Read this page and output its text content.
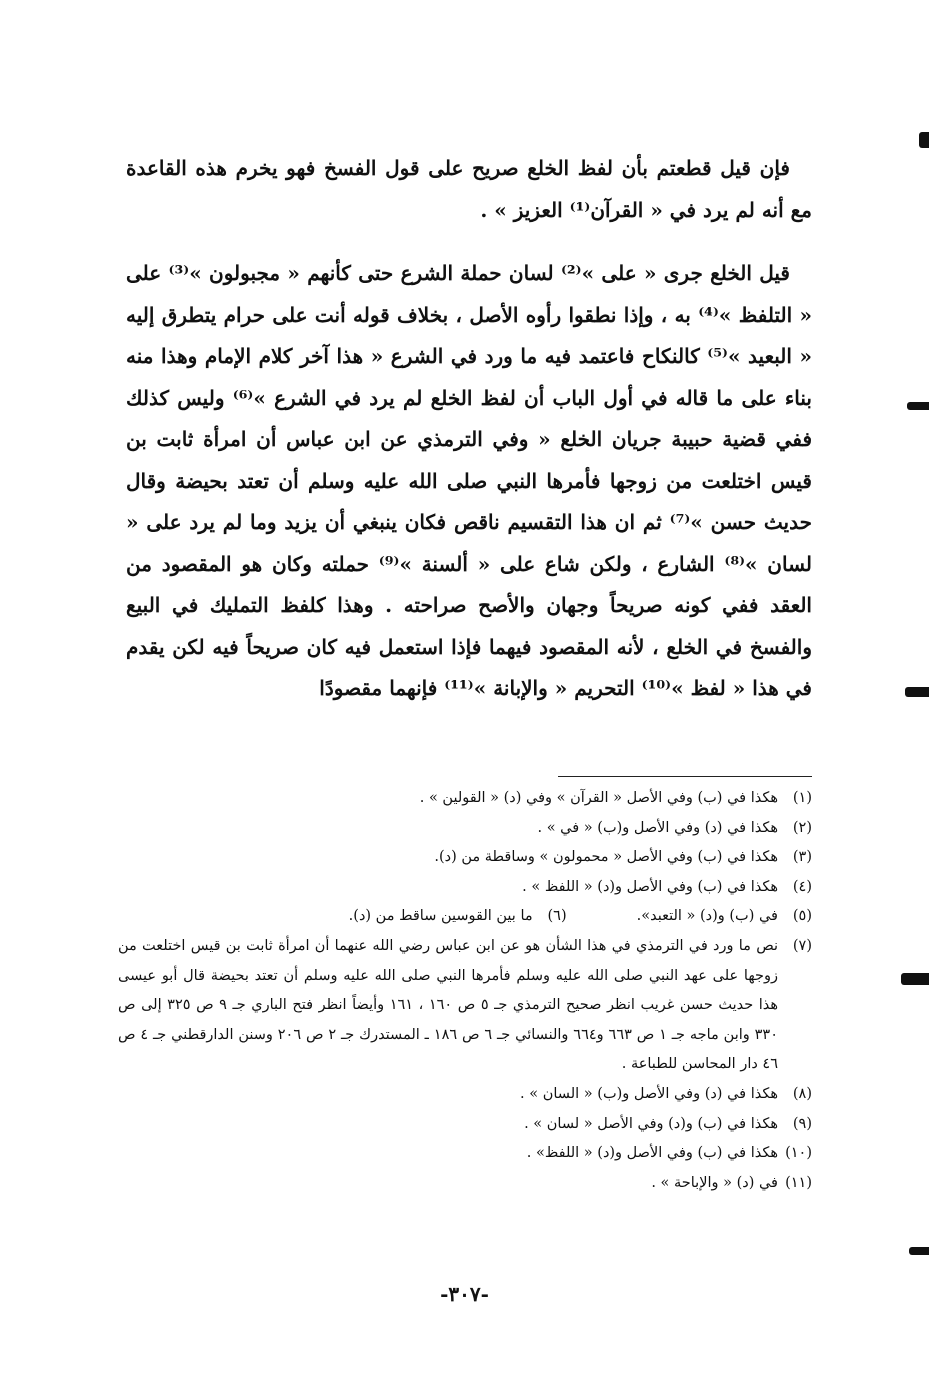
فإن قيل قطعتم بأن لفظ الخلع صريح على قول الفسخ فهو يخرم هذه القاعدة مع أنه لم يرد في « القرآن⁽¹⁾ العزيز » .

قيل الخلع جرى « على »⁽²⁾ لسان حملة الشرع حتى كأنهم « مجبولون »⁽³⁾ على « التلفظ »⁽⁴⁾ به ، وإذا نطقوا رأوه الأصل ، بخلاف قوله أنت على حرام يتطرق إليه « البعيد »⁽⁵⁾ كالنكاح فاعتمد فيه ما ورد في الشرع « هذا آخر كلام الإمام وهذا منه بناء على ما قاله في أول الباب أن لفظ الخلع لم يرد في الشرع »⁽⁶⁾ وليس كذلك ففي قضية حبيبة جريان الخلع « وفي الترمذي عن ابن عباس أن امرأة ثابت بن قيس اختلعت من زوجها فأمرها النبي صلى الله عليه وسلم أن تعتد بحيضة وقال حديث حسن »⁽⁷⁾ ثم ان هذا التقسيم ناقص فكان ينبغي أن يزيد وما لم يرد على « لسان »⁽⁸⁾ الشارع ، ولكن شاع على « ألسنة »⁽⁹⁾ حملته وكان هو المقصود من العقد ففي كونه صريحاً وجهان والأصح صراحته . وهذا كلفظ التمليك في البيع والفسخ في الخلع ، لأنه المقصود فيهما فإذا استعمل فيه كان صريحاً فيه لكن يقدم في هذا « لفظ »⁽¹⁰⁾ التحريم « والإبانة »⁽¹¹⁾ فإنهما مقصودًا

(١)
هكذا في (ب) وفي الأصل « القرآن » وفي (د) « القولين » .
(٢)
هكذا في (د) وفي الأصل و(ب) « في » .
(٣)
هكذا في (ب) وفي الأصل « محمولون » وساقطة من (د).
(٤)
هكذا في (ب) وفي الأصل و(د) « اللفظ » .
(٥)
في (ب) و(د) « التعبد».
(٦)
ما بين القوسين ساقط من (د).
(٧)
نص ما ورد في الترمذي في هذا الشأن هو عن ابن عباس رضي الله عنهما أن امرأة ثابت بن قيس اختلعت من زوجها على عهد النبي صلى الله عليه وسلم فأمرها النبي صلى الله عليه وسلم أن تعتد بحيضة قال أبو عيسى هذا حديث حسن غريب انظر صحيح الترمذي جـ ٥ ص ١٦٠ ، ١٦١ وأيضاً انظر فتح الباري جـ ٩ ص ٣٢٥ إلى ص ٣٣٠ وابن ماجه جـ ١ ص ٦٦٣ و٦٦٤ والنسائي جـ ٦ ص ١٨٦ ـ المستدرك جـ ٢ ص ٢٠٦ وسنن الدارقطني جـ ٤ ص ٤٦ دار المحاسن للطباعة .
(٨)
هكذا في (د) وفي الأصل و(ب) « السان » .
(٩)
هكذا في (ب) و(د) وفي الأصل « لسان » .
(١٠)
هكذا في (ب) وفي الأصل و(د) « اللفظ» .
(١١)
في (د) « والإباحة » .
-٣٠٧-
